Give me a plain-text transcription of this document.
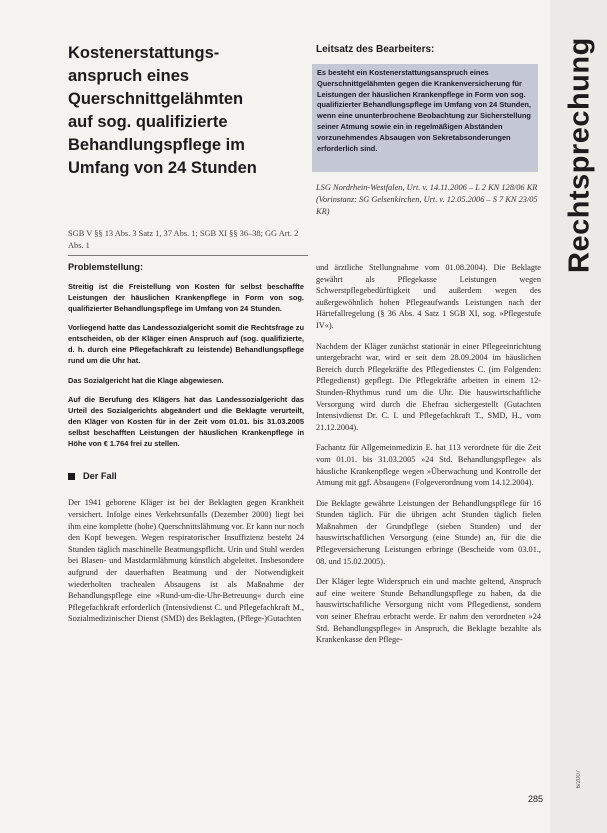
Rechtsprechung
Kostenerstattungs-
anspruch eines
Querschnittgelähmten
auf sog. qualifizierte
Behandlungspflege im
Umfang von 24 Stunden
SGB V §§ 13 Abs. 3 Satz 1, 37 Abs. 1; SGB XI §§ 36–38; GG Art. 2 Abs. 1
Leitsatz des Bearbeiters:
Es besteht ein Kostenerstattungsanspruch eines Querschnittgelähmten gegen die Krankenversicherung für Leistungen der häuslichen Krankenpflege in Form von sog. qualifizierter Behandlungspflege im Umfang von 24 Stunden, wenn eine ununterbrochene Beobachtung zur Sicherstellung seiner Atmung sowie ein in regelmäßigen Abständen vorzunehmendes Absaugen von Sekretabsonderungen erforderlich sind.
LSG Nordrhein-Westfalen, Urt. v. 14.11.2006 – L 2 KN 128/06 KR (Vorinstanz: SG Gelsenkirchen, Urt. v. 12.05.2006 – S 7 KN 23/05 KR)
Problemstellung:

Streitig ist die Freistellung von Kosten für selbst beschaffte Leistungen der häuslichen Krankenpflege in Form von sog. qualifizierter Behandlungspflege im Umfang von 24 Stunden.

Vorliegend hatte das Landessozialgericht somit die Rechtsfrage zu entscheiden, ob der Kläger einen Anspruch auf (sog. qualifizierte, d. h. durch eine Pflegefachkraft zu leistende) Behandlungspflege rund um die Uhr hat.

Das Sozialgericht hat die Klage abgewiesen.

Auf die Berufung des Klägers hat das Landessozialgericht das Urteil des Sozialgerichts abgeändert und die Beklagte verurteilt, den Kläger von Kosten für in der Zeit vom 01.01. bis 31.03.2005 selbst beschafften Leistungen der häuslichen Krankenpflege in Höhe von € 1.764 frei zu stellen.

Der Fall

Der 1941 geborene Kläger ist bei der Beklagten gegen Krankheit versichert. Infolge eines Verkehrsunfalls (Dezember 2000) liegt bei ihm eine komplette (hohe) Querschnittslähmung vor. Er kann nur noch den Kopf bewegen. Wegen respiratorischer Insuffizienz besteht 24 Stunden täglich maschinelle Beatmungspflicht. Urin und Stuhl werden bei Blasen- und Mastdarmlähmung künstlich abgeleitet. Insbesondere aufgrund der dauerhaften Beatmung und der Notwendigkeit wiederholten trachealen Absaugens ist als Maßnahme der Behandlungspflege eine »Rund-um-die-Uhr-Betreuung« durch eine Pflegefachkraft erforderlich (Intensivdienst C. und Pflegefachkraft M., Sozialmedizinischer Dienst (SMD) des Beklagten, (Pflege-)Gutachten

und ärztliche Stellungnahme vom 01.08.2004). Die Beklagte gewährt als Pflegekasse Leistungen wegen Schwerstpflegebedürftigkeit und außerdem wegen des außergewöhnlich hohen Pflegeaufwands Leistungen nach der Härtefallregelung (§ 36 Abs. 4 Satz 1 SGB XI, sog. »Pflegestufe IV«).

Nachdem der Kläger zunächst stationär in einer Pflegeeinrichtung untergebracht war, wird er seit dem 28.09.2004 im häuslichen Bereich durch Pflegekräfte des Pflegedienstes C. (im Folgenden: Pflegedienst) gepflegt. Die Pflegekräfte arbeiten in einem 12-Stunden-Rhythmus rund um die Uhr. Die hauswirtschaftliche Versorgung wird durch die Ehefrau sichergestellt (Gutachten Intensivdienst Dr. C. I. und Pflegefachkraft T., SMD, H., vom 21.12.2004).

Fachantz für Allgemeinmedizin E. hat 113 verordnete für die Zeit vom 01.01. bis 31.03.2005 »24 Std. Behandlungspflege« als häusliche Krankenpflege wegen »Überwachung und Kontrolle der Atmung mit ggf. Absaugen« (Folgeverordnung vom 14.12.2004).

Die Beklagte gewährte Leistungen der Behandlungspflege für 16 Stunden täglich. Für die übrigen acht Stunden täglich fielen Maßnahmen der Grundpflege (sieben Stunden) und der hauswirtschaftlichen Versorgung (eine Stunde) an, für die die Pflegeversicherung Leistungen erbringe (Bescheide vom 03.01., 08. und 15.02.2005).

Der Kläger legte Widerspruch ein und machte geltend, Anspruch auf eine weitere Stunde Behandlungspflege zu haben, da die hauswirtschaftliche Versorgung nicht vom Pflegedienst, sondern von seiner Ehefrau erbracht werde. Er nahm den verordneten »24 Std. Behandlungspflege« in Anspruch, die Beklagte bezahlte als Krankenkasse den Pflege-

285
6/2007
